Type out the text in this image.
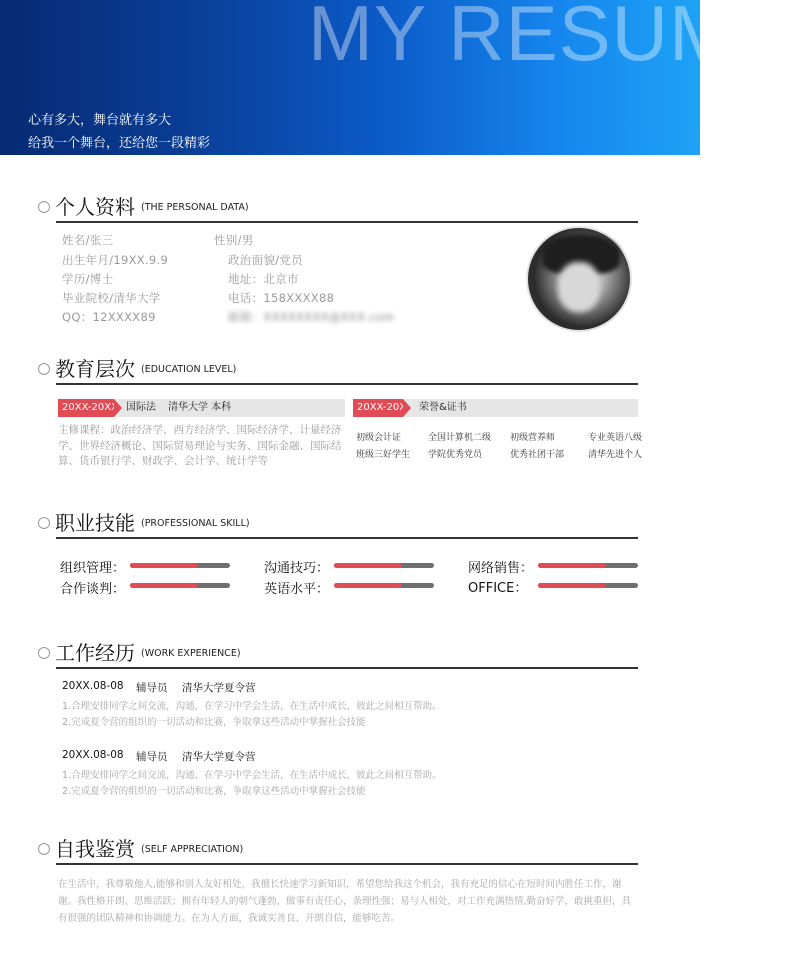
MY RESUME
心有多大，舞台就有多大
给我一个舞台，还给您一段精彩
个人资料 (THE PERSONAL DATA)
姓名/张三	性别/男
出生年月/19XX.9.9	政治面貌/党员
学历/博士	地址：北京市
毕业院校/清华大学	电话：158XXXX88
QQ：12XXXX89	邮箱：XXXXXXXX@XXX.com
教育层次 (EDUCATION LEVEL)
20XX-20XX 国际法 清华大学 本科
主修课程：政治经济学、西方经济学、国际经济学、计量经济学、世界经济概论、国际贸易理论与实务、国际金融、国际结算、货币银行学、财政学、会计学、统计学等
20XX-20X 荣誉&证书
初级会计证	全国计算机二级 初级营养师	专业英语八级
班级三好学生 学院优秀党员	优秀社团干部	清华先进个人
职业技能 (PROFESSIONAL SKILL)
组织管理：	沟通技巧：	网络销售：
合作谈判：	英语水平：	OFFICE：
工作经历 (WORK EXPERIENCE)
20XX.08-08 辅导员 清华大学夏令营
1.合理安排同学之间交流，沟通，在学习中学会生活，在生活中成长，彼此之间相互帮助。
2.完成夏令营的组织的一切活动和比赛，争取拿这些活动中掌握社会技能
20XX.08-08 辅导员 清华大学夏令营
1.合理安排同学之间交流，沟通，在学习中学会生活，在生活中成长，彼此之间相互帮助。
2.完成夏令营的组织的一切活动和比赛，争取拿这些活动中掌握社会技能
自我鉴赏 (SELF APPRECIATION)
在生活中，我尊敬他人,能够和别人友好相处，我擅长快速学习新知识，希望您给我这个机会，我有充足的信心在短时间内胜任工作，谢谢。我性格开朗、思维活跃；拥有年轻人的朝气蓬勃，做事有责任心，条理性强；易与人相处，对工作充满热情,勤奋好学，敢挑重担，具有很强的团队精神和协调能力。在为人方面，我诚实善良、开朗自信，能够吃苦。
